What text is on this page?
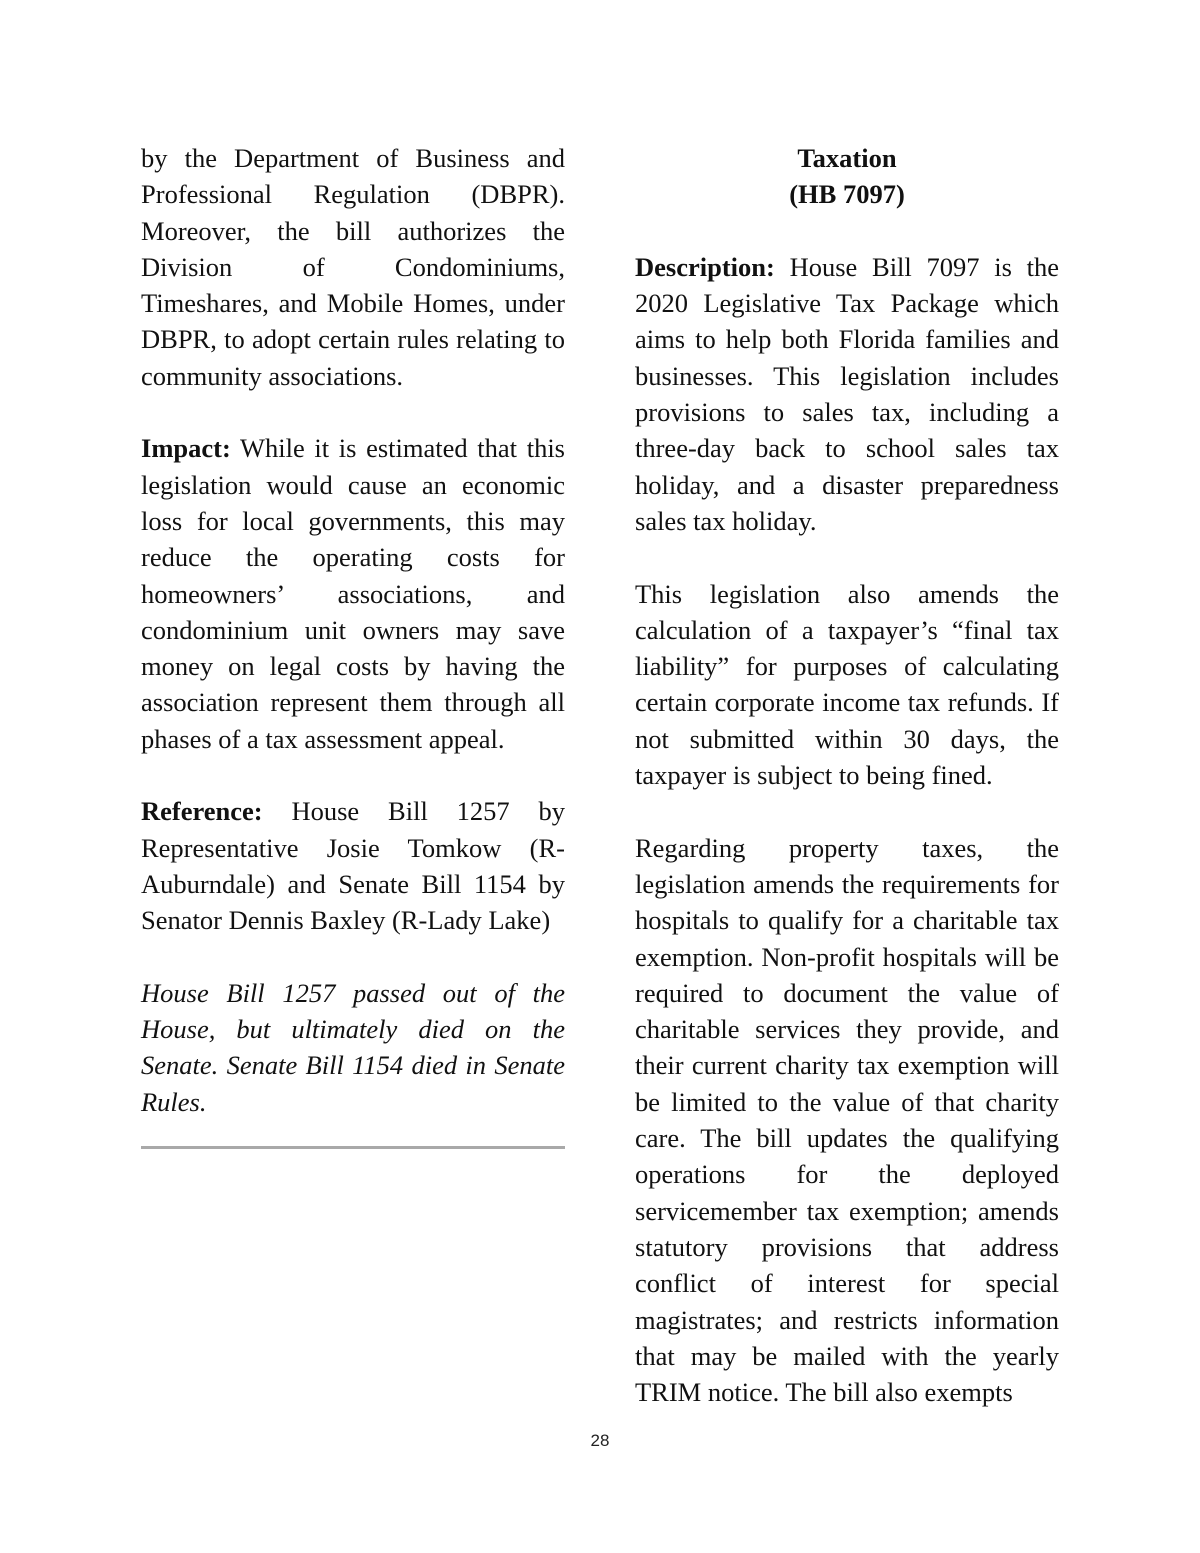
by the Department of Business and Professional Regulation (DBPR). Moreover, the bill authorizes the Division of Condominiums, Timeshares, and Mobile Homes, under DBPR, to adopt certain rules relating to community associations.

Impact: While it is estimated that this legislation would cause an economic loss for local governments, this may reduce the operating costs for homeowners’ associations, and condominium unit owners may save money on legal costs by having the association represent them through all phases of a tax assessment appeal.

Reference: House Bill 1257 by Representative Josie Tomkow (R-Auburndale) and Senate Bill 1154 by Senator Dennis Baxley (R-Lady Lake)

House Bill 1257 passed out of the House, but ultimately died on the Senate. Senate Bill 1154 died in Senate Rules.

Taxation
(HB 7097)

Description: House Bill 7097 is the 2020 Legislative Tax Package which aims to help both Florida families and businesses. This legislation includes provisions to sales tax, including a three-day back to school sales tax holiday, and a disaster preparedness sales tax holiday.

This legislation also amends the calculation of a taxpayer’s “final tax liability” for purposes of calculating certain corporate income tax refunds. If not submitted within 30 days, the taxpayer is subject to being fined.

Regarding property taxes, the legislation amends the requirements for hospitals to qualify for a charitable tax exemption. Non-profit hospitals will be required to document the value of charitable services they provide, and their current charity tax exemption will be limited to the value of that charity care. The bill updates the qualifying operations for the deployed servicemember tax exemption; amends statutory provisions that address conflict of interest for special magistrates; and restricts information that may be mailed with the yearly TRIM notice. The bill also exempts

28
